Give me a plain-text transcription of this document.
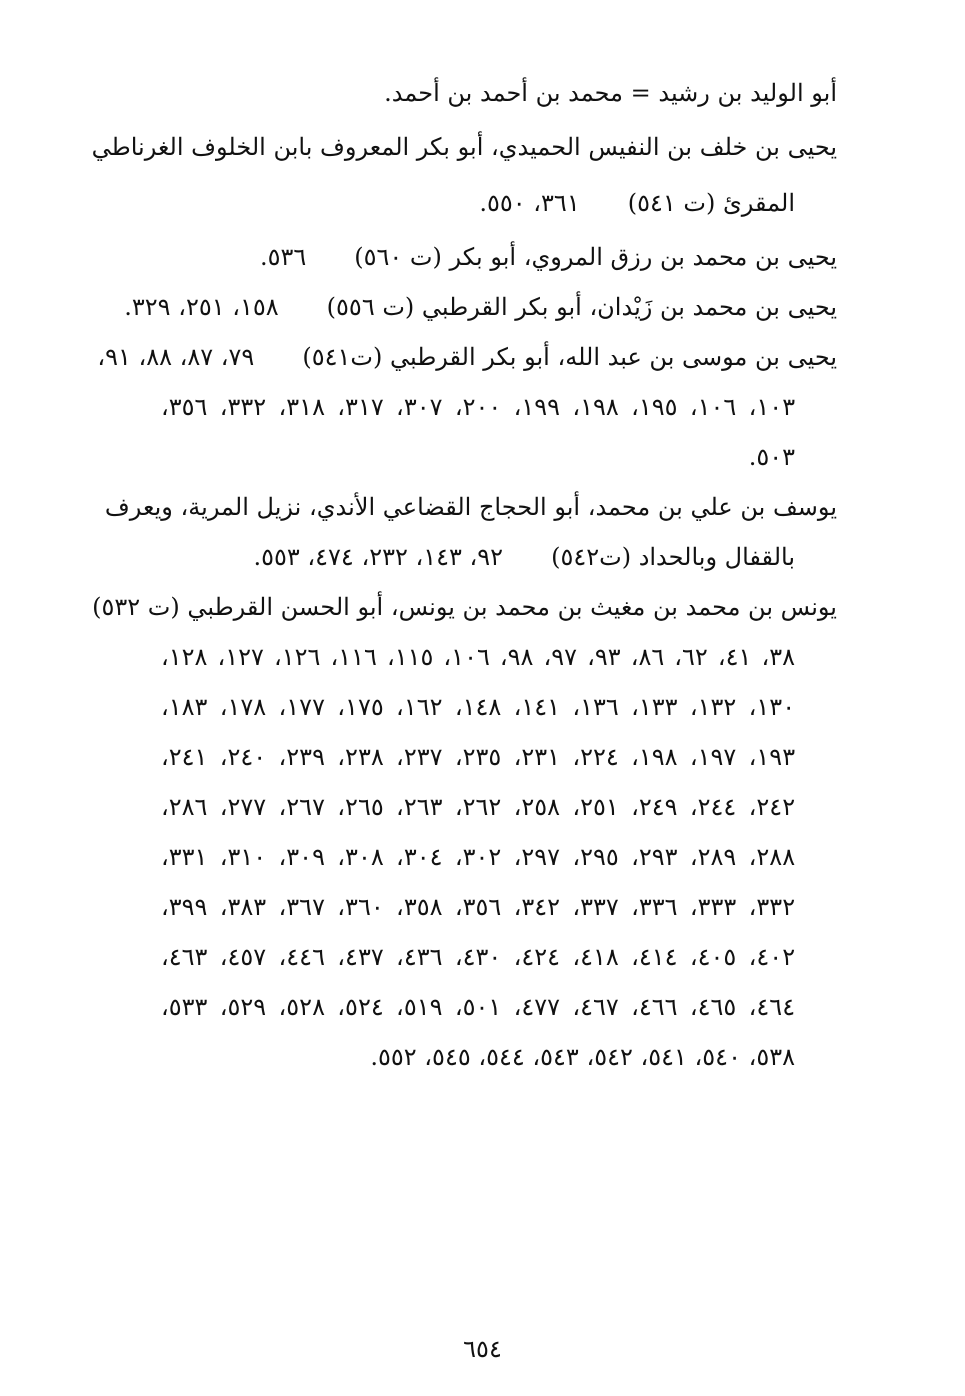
أبو الوليد بن رشيد = محمد بن أحمد بن أحمد.
يحيى بن خلف بن النفيس الحميدي، أبو بكر المعروف بابن الخلوف الغرناطي
المقرئ (ت ٥٤١)٣٦١، ٥٥٠.
يحيى بن محمد بن رزق المروي، أبو بكر (ت ٥٦٠)٥٣٦.
يحيى بن محمد بن زَيْدان، أبو بكر القرطبي (ت ٥٥٦)١٥٨، ٢٥١، ٣٢٩.
يحيى بن موسى بن عبد الله، أبو بكر القرطبي (ت٥٤١)٧٩، ٨٧، ٨٨، ٩١،
١٠٣، ١٠٦، ١٩٥، ١٩٨، ١٩٩، ٢٠٠، ٣٠٧، ٣١٧، ٣١٨، ٣٣٢، ٣٥٦،
٥٠٣.
يوسف بن علي بن محمد، أبو الحجاج القضاعي الأندي، نزيل المرية، ويعرف
بالقفال وبالحداد (ت٥٤٢)٩٢، ١٤٣، ٢٣٢، ٤٧٤، ٥٥٣.
يونس بن محمد بن مغيث بن محمد بن يونس، أبو الحسن القرطبي (ت ٥٣٢)
٣٨، ٤١، ٦٢، ٨٦، ٩٣، ٩٧، ٩٨، ١٠٦، ١١٥، ١١٦، ١٢٦، ١٢٧، ١٢٨،
١٣٠، ١٣٢، ١٣٣، ١٣٦، ١٤١، ١٤٨، ١٦٢، ١٧٥، ١٧٧، ١٧٨، ١٨٣،
١٩٣، ١٩٧، ١٩٨، ٢٢٤، ٢٣١، ٢٣٥، ٢٣٧، ٢٣٨، ٢٣٩، ٢٤٠، ٢٤١،
٢٤٢، ٢٤٤، ٢٤٩، ٢٥١، ٢٥٨، ٢٦٢، ٢٦٣، ٢٦٥، ٢٦٧، ٢٧٧، ٢٨٦،
٢٨٨، ٢٨٩، ٢٩٣، ٢٩٥، ٢٩٧، ٣٠٢، ٣٠٤، ٣٠٨، ٣٠٩، ٣١٠، ٣٣١،
٣٣٢، ٣٣٣، ٣٣٦، ٣٣٧، ٣٤٢، ٣٥٦، ٣٥٨، ٣٦٠، ٣٦٧، ٣٨٣، ٣٩٩،
٤٠٢، ٤٠٥، ٤١٤، ٤١٨، ٤٢٤، ٤٣٠، ٤٣٦، ٤٣٧، ٤٤٦، ٤٥٧، ٤٦٣،
٤٦٤، ٤٦٥، ٤٦٦، ٤٦٧، ٤٧٧، ٥٠١، ٥١٩، ٥٢٤، ٥٢٨، ٥٢٩، ٥٣٣،
٥٣٨، ٥٤٠، ٥٤١، ٥٤٢، ٥٤٣، ٥٤٤، ٥٤٥، ٥٥٢.
٦٥٤
